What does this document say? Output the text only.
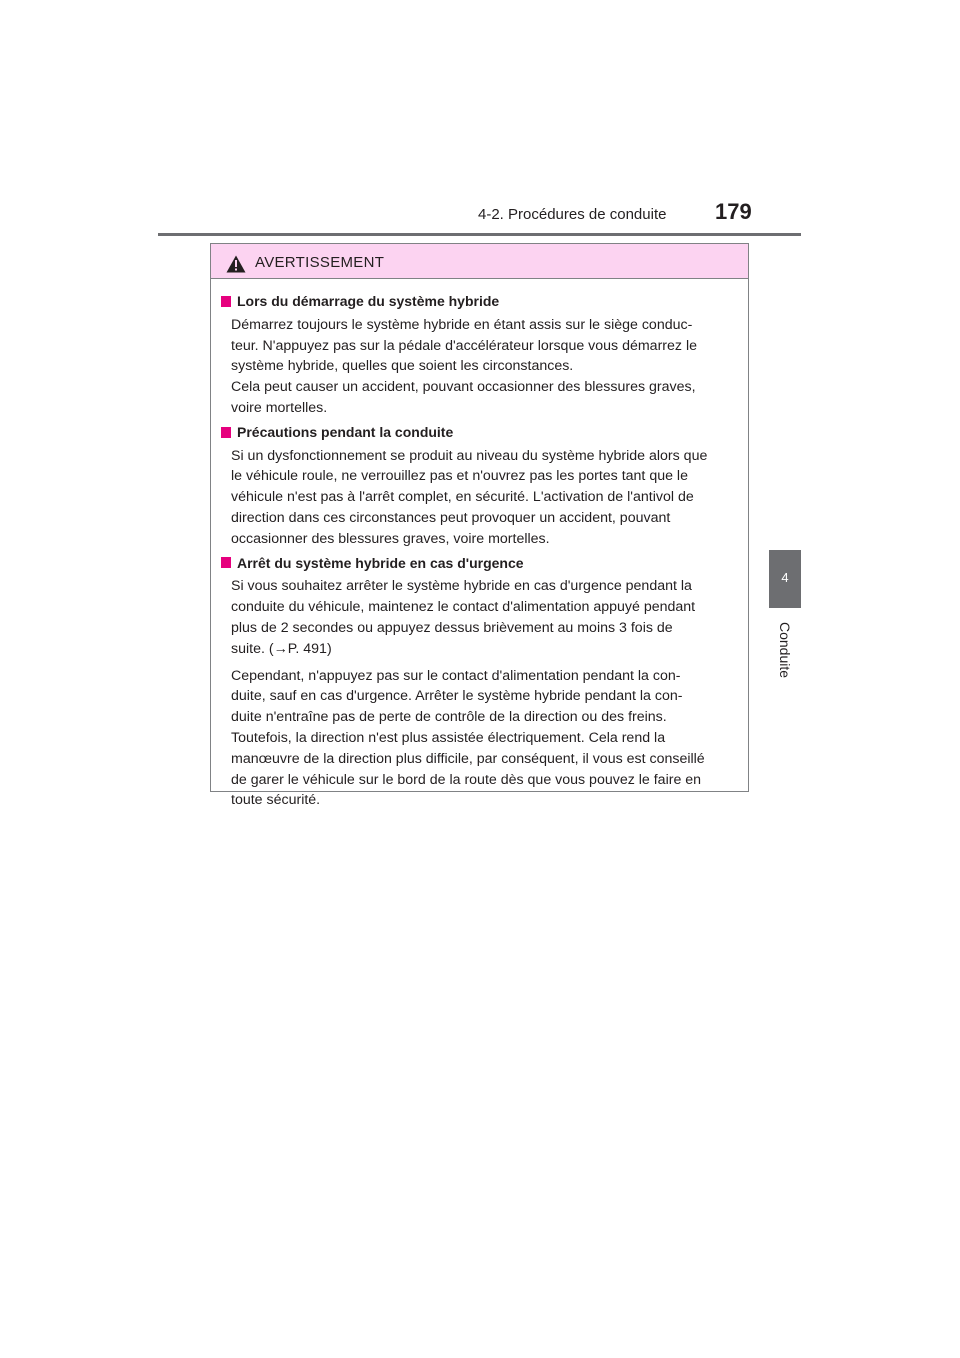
4-2. Procédures de conduite 179
4
Conduite
AVERTISSEMENT
Lors du démarrage du système hybride

Démarrez toujours le système hybride en étant assis sur le siège conduc-
teur. N'appuyez pas sur la pédale d'accélérateur lorsque vous démarrez le
système hybride, quelles que soient les circonstances.
Cela peut causer un accident, pouvant occasionner des blessures graves,
voire mortelles.

Précautions pendant la conduite

Si un dysfonctionnement se produit au niveau du système hybride alors que
le véhicule roule, ne verrouillez pas et n'ouvrez pas les portes tant que le
véhicule n'est pas à l'arrêt complet, en sécurité. L'activation de l'antivol de
direction dans ces circonstances peut provoquer un accident, pouvant
occasionner des blessures graves, voire mortelles.

Arrêt du système hybride en cas d'urgence

Si vous souhaitez arrêter le système hybride en cas d'urgence pendant la
conduite du véhicule, maintenez le contact d'alimentation appuyé pendant
plus de 2 secondes ou appuyez dessus brièvement au moins 3 fois de
suite. (→P. 491)

Cependant, n'appuyez pas sur le contact d'alimentation pendant la con-
duite, sauf en cas d'urgence. Arrêter le système hybride pendant la con-
duite n'entraîne pas de perte de contrôle de la direction ou des freins.
Toutefois, la direction n'est plus assistée électriquement. Cela rend la
manœuvre de la direction plus difficile, par conséquent, il vous est conseillé
de garer le véhicule sur le bord de la route dès que vous pouvez le faire en
toute sécurité.
